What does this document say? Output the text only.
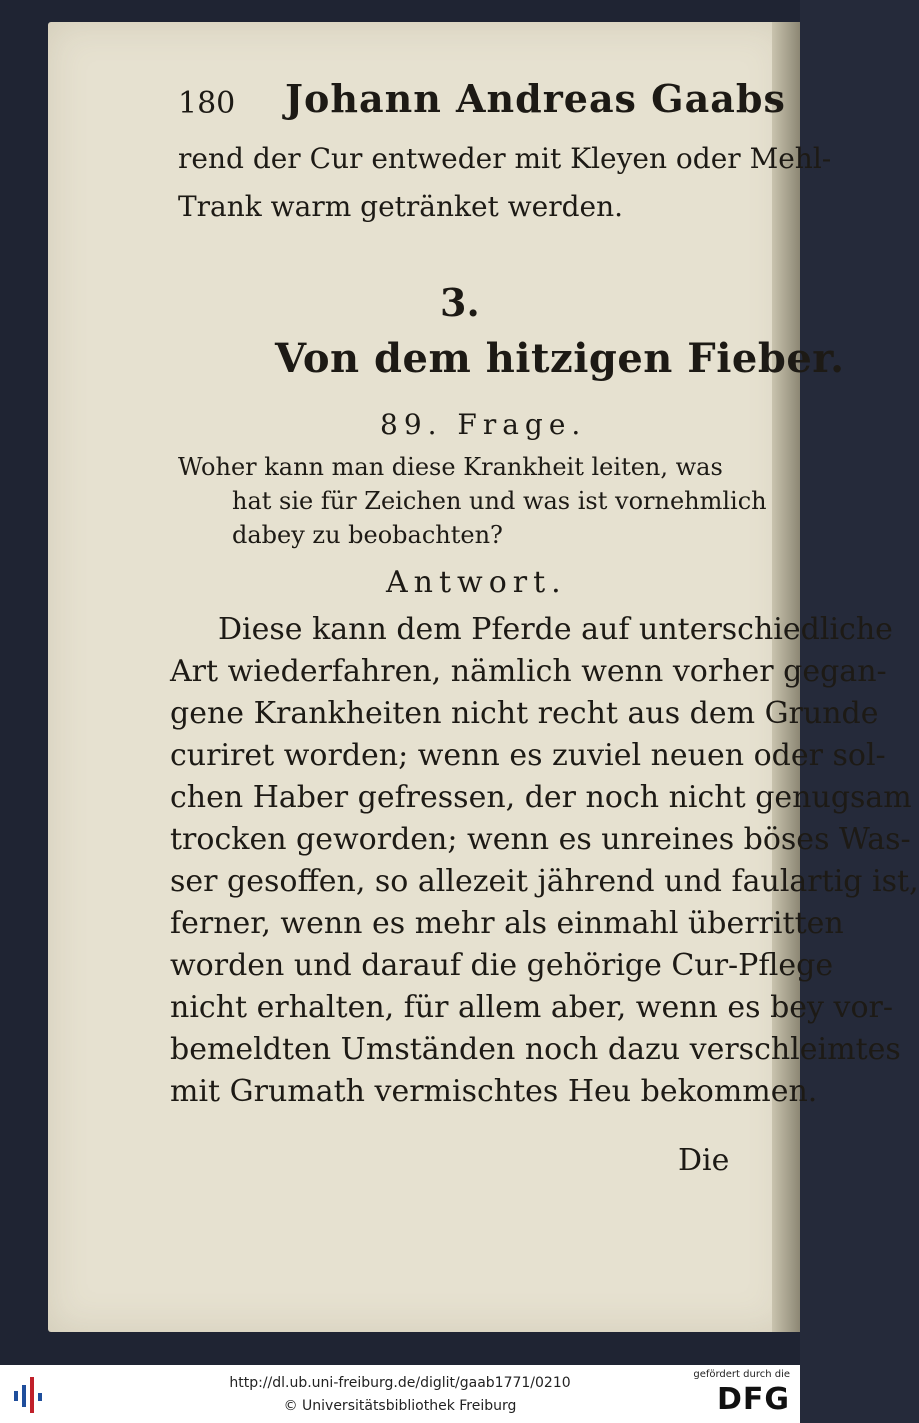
180 Johann Andreas Gaabs
rend der Cur entweder mit Kleyen oder Mehl-
Trank warm getränket werden.
3.
Von dem hitzigen Fieber.
89. Frage.
Woher kann man diese Krankheit leiten, was
hat sie für Zeichen und was ist vornehmlich
dabey zu beobachten?
Antwort.
Diese kann dem Pferde auf unterschiedliche
Art wiederfahren, nämlich wenn vorher gegan-
gene Krankheiten nicht recht aus dem Grunde
curiret worden; wenn es zuviel neuen oder sol-
chen Haber gefressen, der noch nicht genugsam
trocken geworden; wenn es unreines böses Was-
ser gesoffen, so allezeit jährend und faulartig ist,
ferner, wenn es mehr als einmahl überritten
worden und darauf die gehörige Cur-Pflege
nicht erhalten, für allem aber, wenn es bey vor-
bemeldten Umständen noch dazu verschleimtes
mit Grumath vermischtes Heu bekommen.
Die
http://dl.ub.uni-freiburg.de/diglit/gaab1771/0210
© Universitätsbibliothek Freiburg
gefördert durch die
DFG
